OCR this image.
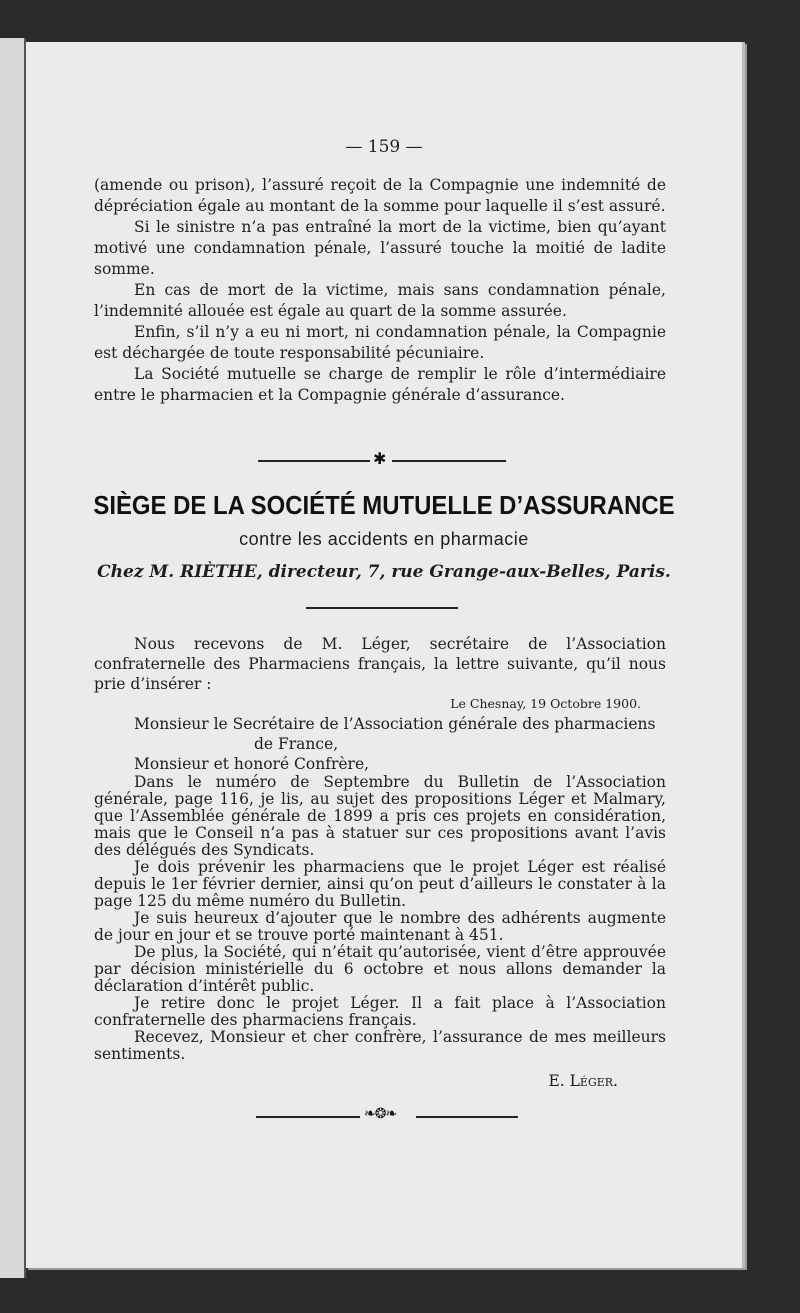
— 159 —

(amende ou prison), l’assuré reçoit de la Compagnie une indemnité de dépréciation égale au montant de la somme pour laquelle il s’est assuré.

Si le sinistre n’a pas entraîné la mort de la victime, bien qu’ayant motivé une condamnation pénale, l’assuré touche la moitié de ladite somme.

En cas de mort de la victime, mais sans condamnation pénale, l’indemnité allouée est égale au quart de la somme assurée.

Enfin, s’il n’y a eu ni mort, ni condamnation pénale, la Compagnie est déchargée de toute responsabilité pécuniaire.

La Société mutuelle se charge de remplir le rôle d’intermédiaire entre le pharmacien et la Compagnie générale d’assurance.

✱
SIÈGE DE LA SOCIÉTÉ MUTUELLE D’ASSURANCE
contre les accidents en pharmacie
Chez M. RIÈTHE, directeur, 7, rue Grange-aux-Belles, Paris.

Nous recevons de M. Léger, secrétaire de l’Association confraternelle des Pharmaciens français, la lettre suivante, qu’il nous prie d’insérer :

Le Chesnay, 19 Octobre 1900.

Monsieur le Secrétaire de l’Association générale des pharmaciens

de France,

Monsieur et honoré Confrère,

Dans le numéro de Septembre du Bulletin de l’Association générale, page 116, je lis, au sujet des propositions Léger et Malmary, que l’Assemblée générale de 1899 a pris ces projets en considération, mais que le Conseil n’a pas à statuer sur ces propositions avant l’avis des délégués des Syndicats.

Je dois prévenir les pharmaciens que le projet Léger est réalisé depuis le 1er février dernier, ainsi qu’on peut d’ailleurs le constater à la page 125 du même numéro du Bulletin.

Je suis heureux d’ajouter que le nombre des adhérents augmente de jour en jour et se trouve porté maintenant à 451.

De plus, la Société, qui n’était qu’autorisée, vient d’être approuvée par décision ministérielle du 6 octobre et nous allons demander la déclaration d’intérêt public.

Je retire donc le projet Léger. Il a fait place à l’Association confraternelle des pharmaciens français.

Recevez, Monsieur et cher confrère, l’assurance de mes meilleurs sentiments.

E. Léger.

❧❂❧
